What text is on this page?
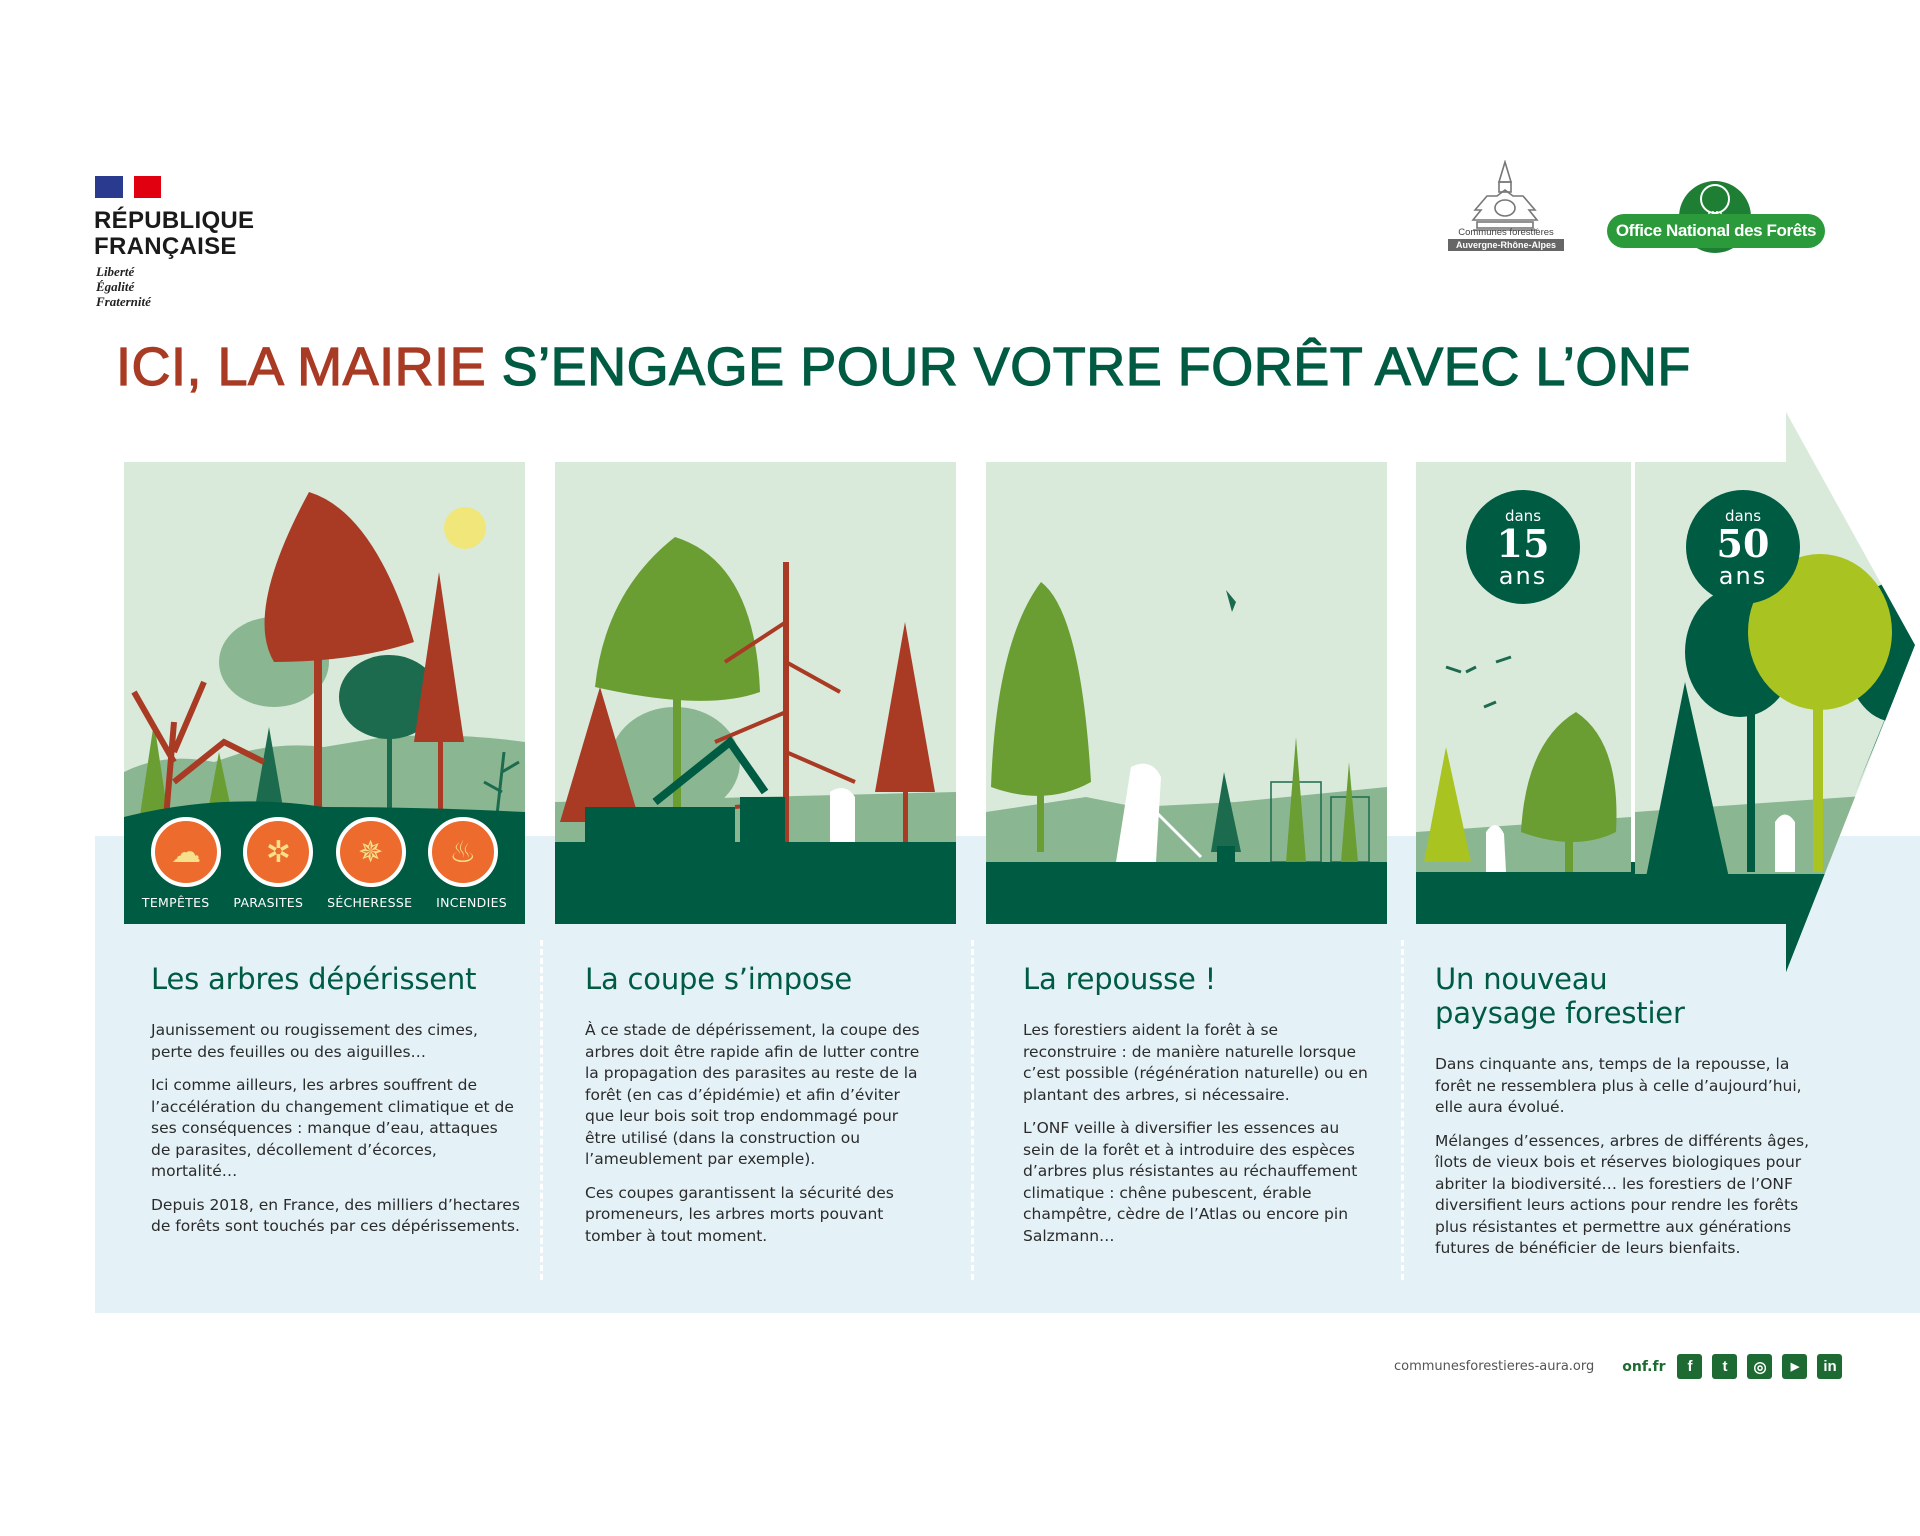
RÉPUBLIQUE
FRANÇAISE
Liberté
Égalité
Fraternité
Communes forestières
Auvergne-Rhône-Alpes
Office National des Forêts
ICI, LA MAIRIE S’ENGAGE POUR VOTRE FORÊT AVEC L’ONF
☁	✲	✵	♨
TEMPÊTES PARASITES SÉCHERESSE INCENDIES
dans
15
ans
dans
50
ans
Les arbres dépérissent

Jaunissement ou rougissement des cimes, perte des feuilles ou des aiguilles…

Ici comme ailleurs, les arbres souffrent de l’accélération du changement climatique et de ses conséquences : manque d’eau, attaques de parasites, décollement d’écorces, mortalité…

Depuis 2018, en France, des milliers d’hectares de forêts sont touchés par ces dépérissements.

La coupe s’impose

À ce stade de dépérissement, la coupe des arbres doit être rapide afin de lutter contre la propagation des parasites au reste de la forêt (en cas d’épidémie) et afin d’éviter que leur bois soit trop endommagé pour être utilisé (dans la construction ou l’ameublement par exemple).

Ces coupes garantissent la sécurité des promeneurs, les arbres morts pouvant tomber à tout moment.

La repousse !

Les forestiers aident la forêt à se reconstruire : de manière naturelle lorsque c’est possible (régénération naturelle) ou en plantant des arbres, si nécessaire.

L’ONF veille à diversifier les essences au sein de la forêt et à introduire des espèces d’arbres plus résistantes au réchauffement climatique : chêne pubescent, érable champêtre, cèdre de l’Atlas ou encore pin Salzmann…

Un nouveau paysage forestier

Dans cinquante ans, temps de la repousse, la forêt ne ressemblera plus à celle d’aujourd’hui, elle aura évolué.

Mélanges d’essences, arbres de différents âges, îlots de vieux bois et réserves biologiques pour abriter la biodiversité… les forestiers de l’ONF diversifient leurs actions pour rendre les forêts plus résistantes et permettre aux générations futures de bénéficier de leurs bienfaits.

communesforestieres-aura.org onf.fr	f	t	◎	▶	in
